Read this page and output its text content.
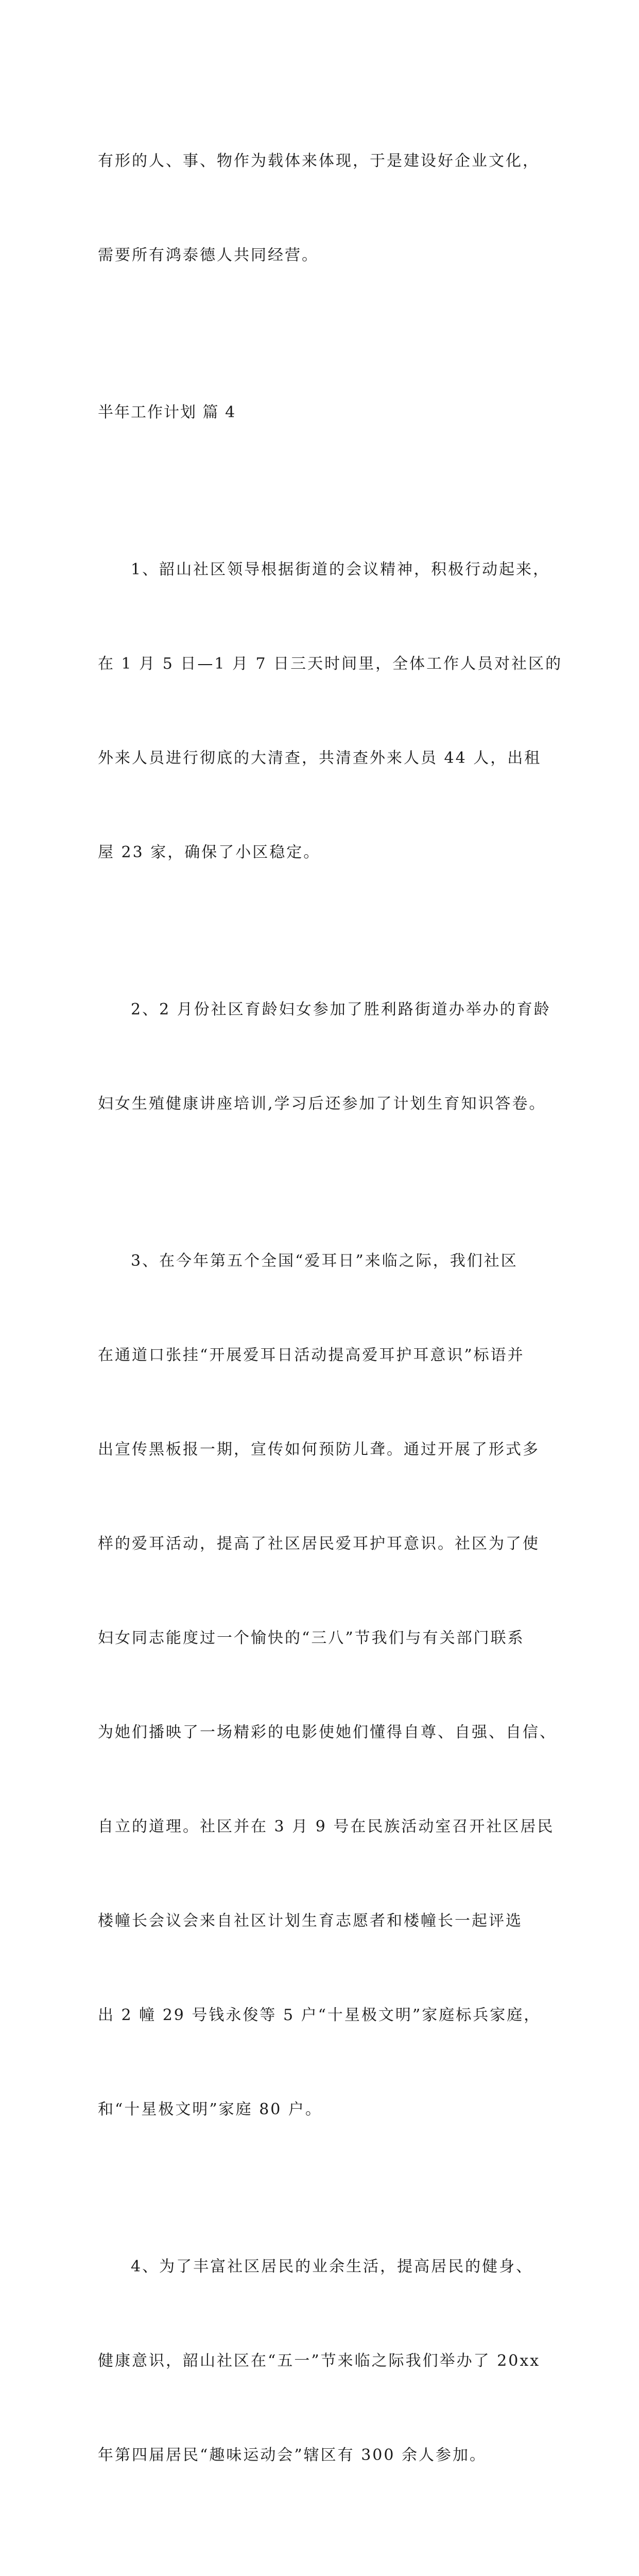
有形的人、事、物作为载体来体现，于是建设好企业文化，

需要所有鸿泰德人共同经营。

半年工作计划 篇 4

1、韶山社区领导根据街道的会议精神，积极行动起来，

在 1 月 5 日—1 月 7 日三天时间里，全体工作人员对社区的

外来人员进行彻底的大清查，共清查外来人员 44 人，出租

屋 23 家，确保了小区稳定。

2、2 月份社区育龄妇女参加了胜利路街道办举办的育龄

妇女生殖健康讲座培训,学习后还参加了计划生育知识答卷。

3、在今年第五个全国“爱耳日”来临之际，我们社区

在通道口张挂“开展爱耳日活动提高爱耳护耳意识”标语并

出宣传黑板报一期，宣传如何预防儿聋。通过开展了形式多

样的爱耳活动，提高了社区居民爱耳护耳意识。社区为了使

妇女同志能度过一个愉快的“三八”节我们与有关部门联系

为她们播映了一场精彩的电影使她们懂得自尊、自强、自信、

自立的道理。社区并在 3 月 9 号在民族活动室召开社区居民

楼幢长会议会来自社区计划生育志愿者和楼幢长一起评选

出 2 幢 29 号钱永俊等 5 户“十星极文明”家庭标兵家庭，

和“十星极文明”家庭 80 户。

4、为了丰富社区居民的业余生活，提高居民的健身、

健康意识，韶山社区在“五一”节来临之际我们举办了 20xx

年第四届居民“趣味运动会”辖区有 300 余人参加。
